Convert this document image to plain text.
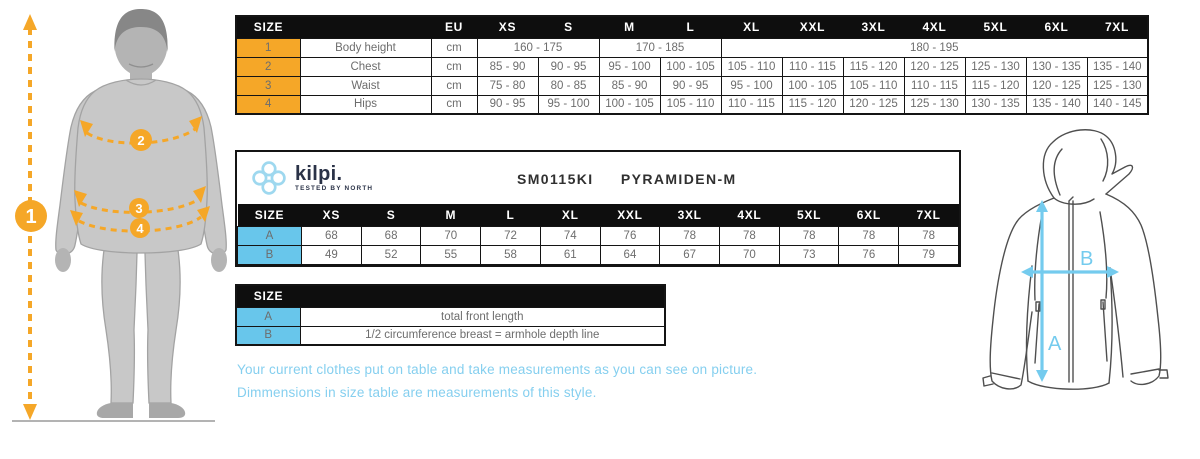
1
2
3
4
SIZE		EU	XS	S	M	L	XL	XXL	3XL	4XL	5XL	6XL	7XL
1	Body height	cm	160 - 175		170 - 185		180 - 195						
2	Chest	cm	85 - 90	90 - 95	95 - 100	100 - 105	105 - 110	110 - 115	115 - 120	120 - 125	125 - 130	130 - 135	135 - 140
3	Waist	cm	75 - 80	80 - 85	85 - 90	90 - 95	95 - 100	100 - 105	105 - 110	110 - 115	115 - 120	120 - 125	125 - 130
4	Hips	cm	90 - 95	95 - 100	100 - 105	105 - 110	110 - 115	115 - 120	120 - 125	125 - 130	130 - 135	135 - 140	140 - 145
kilpi.
TESTED BY NORTH
SM0115KI PYRAMIDEN-M
SIZE	XS	S	M	L	XL	XXL	3XL	4XL	5XL	6XL	7XL
A	68	68	70	72	74	76	78	78	78	78	78
B	49	52	55	58	61	64	67	70	73	76	79
SIZE	
A	total front length
B	1/2 circumference breast = armhole depth line
Your current clothes put on table and take measurements as you can see on picture.
Dimmensions in size table are measurements of this style.
A
B
